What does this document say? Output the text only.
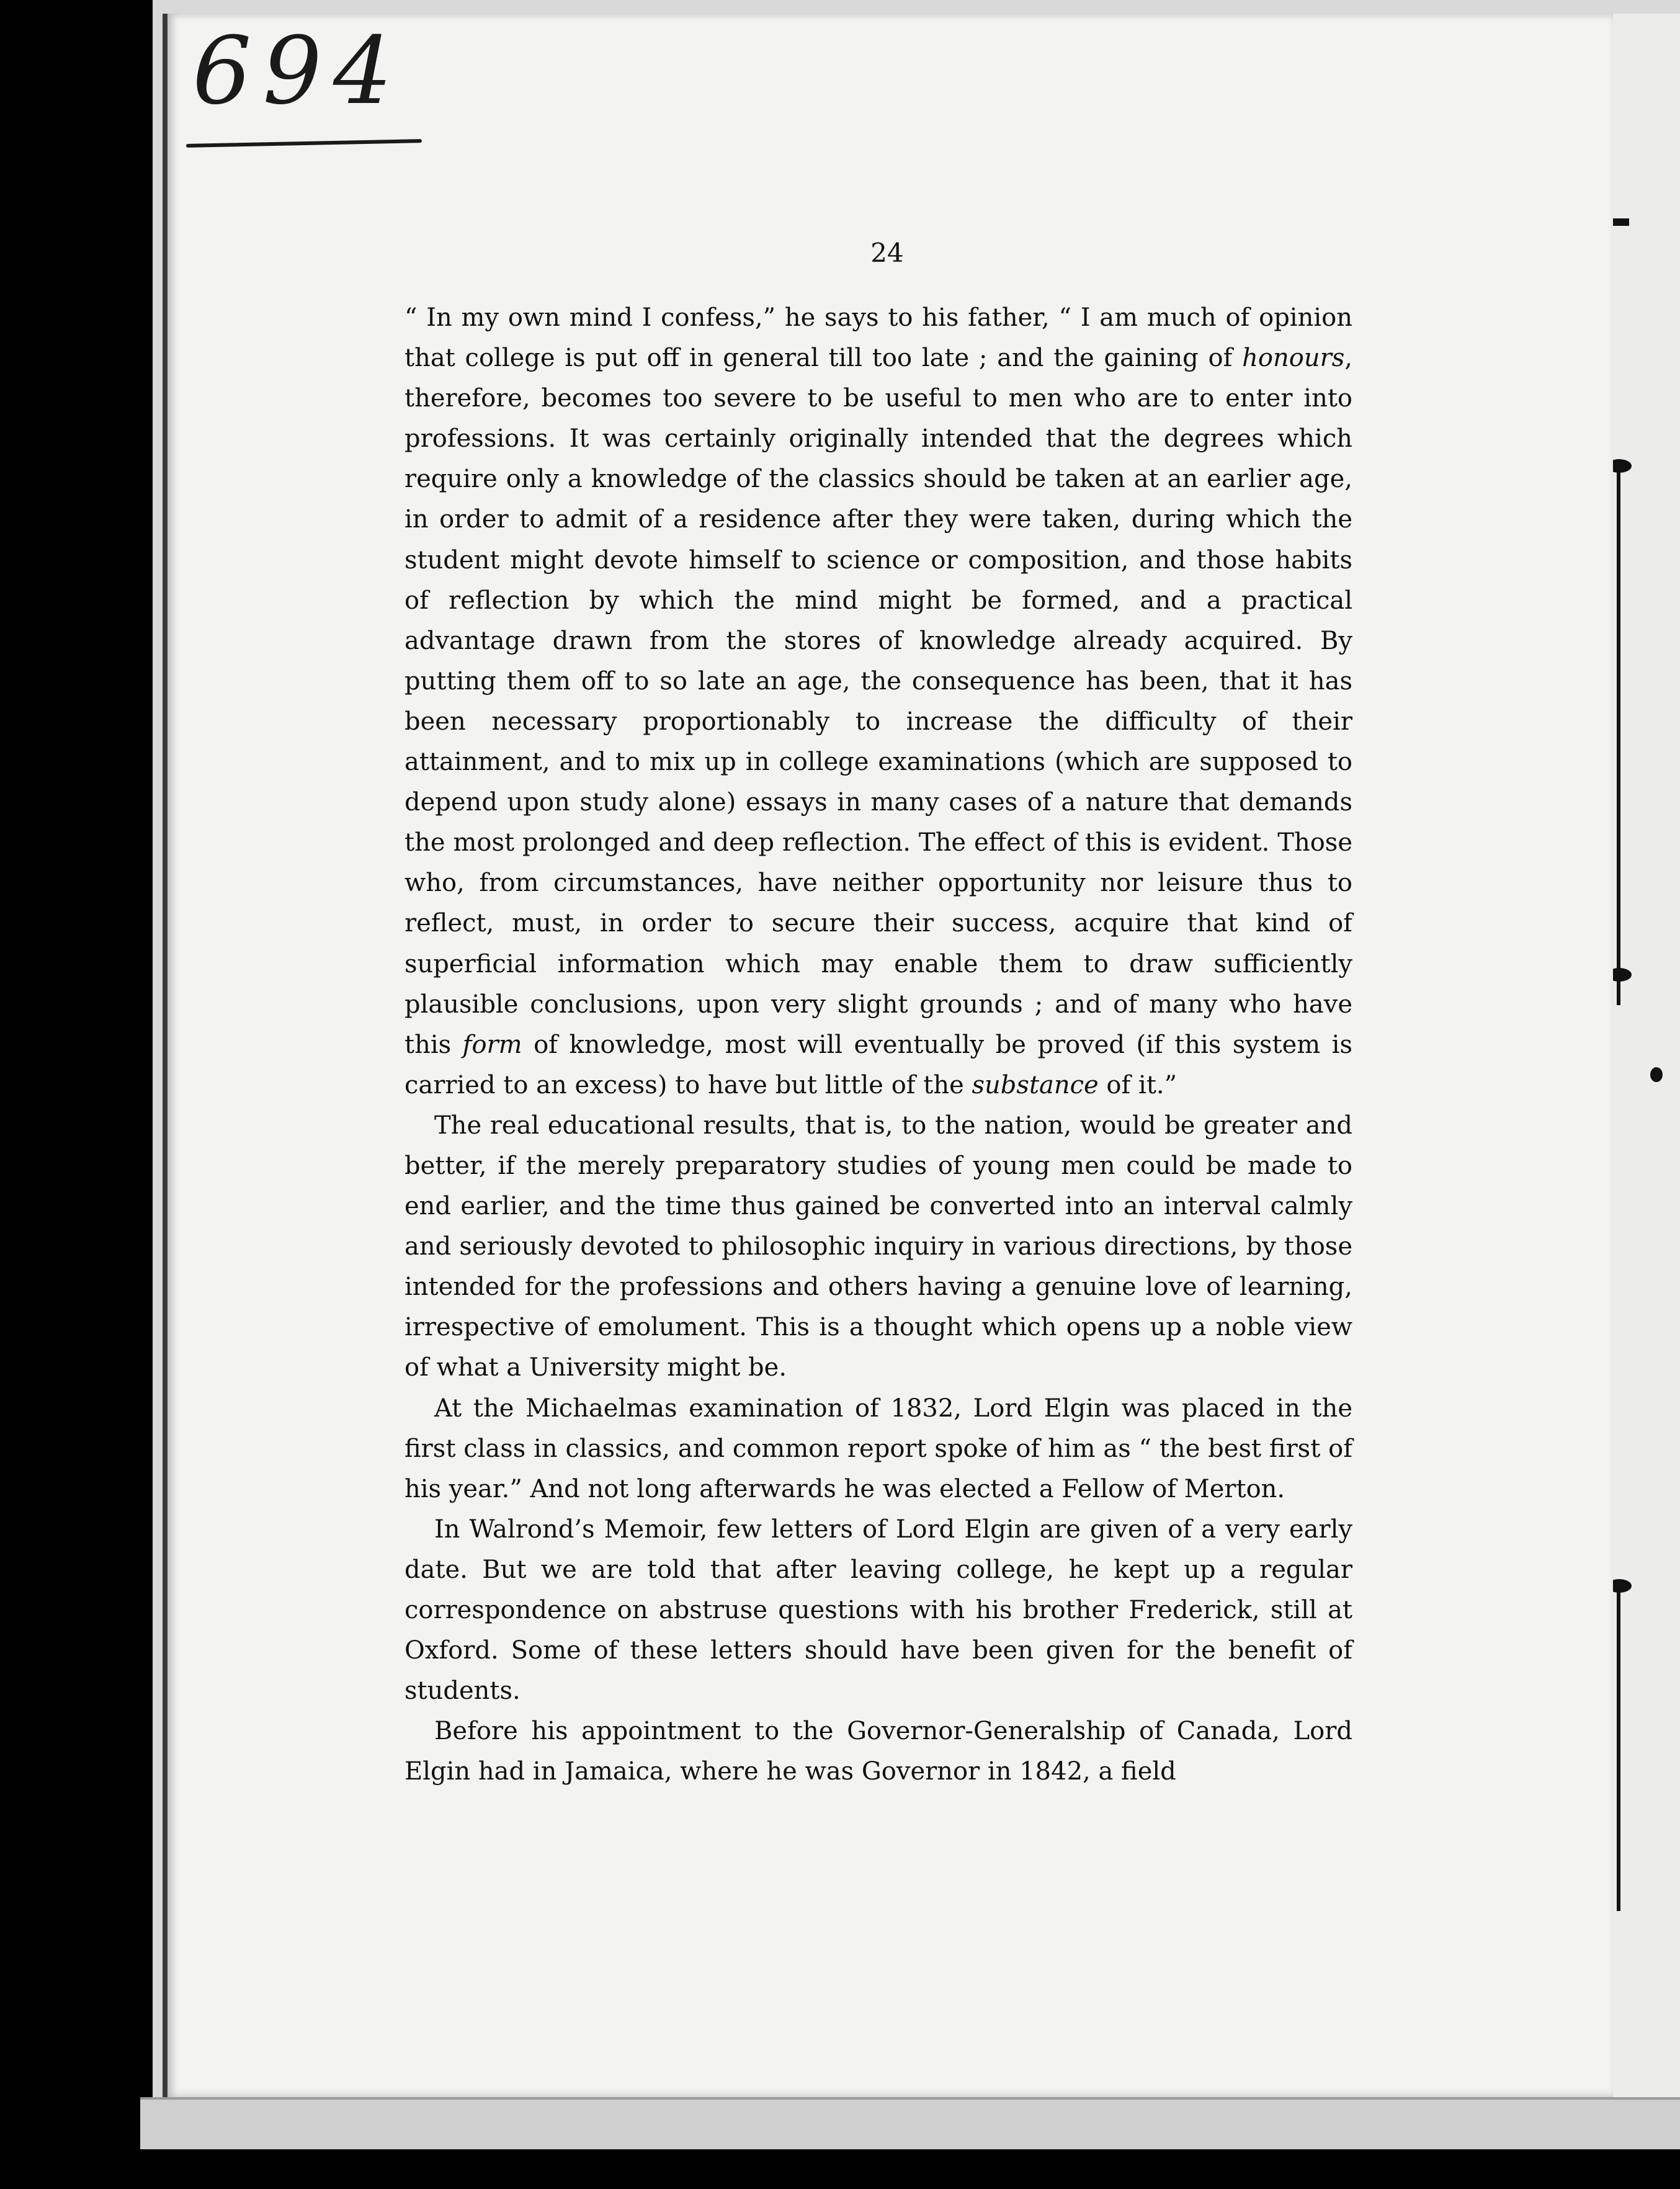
694
24

“ In my own mind I confess,” he says to his father, “ I am much of opinion that college is put off in general till too late ; and the gaining of honours, therefore, becomes too severe to be useful to men who are to enter into professions. It was certainly originally intended that the degrees which require only a knowledge of the classics should be taken at an earlier age, in order to admit of a residence after they were taken, during which the student might devote himself to science or composition, and those habits of reflection by which the mind might be formed, and a practical advantage drawn from the stores of knowledge already acquired. By putting them off to so late an age, the consequence has been, that it has been necessary proportionably to increase the difficulty of their attainment, and to mix up in college examinations (which are supposed to depend upon study alone) essays in many cases of a nature that demands the most prolonged and deep reflection. The effect of this is evident. Those who, from circumstances, have neither opportunity nor leisure thus to reflect, must, in order to secure their success, acquire that kind of superficial information which may enable them to draw sufficiently plausible conclusions, upon very slight grounds ; and of many who have this form of knowledge, most will eventually be proved (if this system is carried to an excess) to have but little of the substance of it.”

The real educational results, that is, to the nation, would be greater and better, if the merely preparatory studies of young men could be made to end earlier, and the time thus gained be converted into an interval calmly and seriously devoted to philosophic inquiry in various directions, by those intended for the professions and others having a genuine love of learning, irrespective of emolument. This is a thought which opens up a noble view of what a University might be.

At the Michaelmas examination of 1832, Lord Elgin was placed in the first class in classics, and common report spoke of him as “ the best first of his year.” And not long afterwards he was elected a Fellow of Merton.

In Walrond’s Memoir, few letters of Lord Elgin are given of a very early date. But we are told that after leaving college, he kept up a regular correspondence on abstruse questions with his brother Frederick, still at Oxford. Some of these letters should have been given for the benefit of students.

Before his appointment to the Governor-Generalship of Canada, Lord Elgin had in Jamaica, where he was Governor in 1842, a field
